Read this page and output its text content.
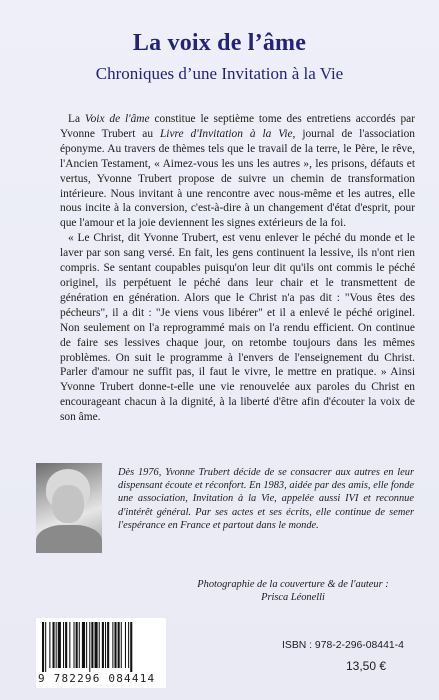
La voix de l’âme
Chroniques d’une Invitation à la Vie

La Voix de l'âme constitue le septième tome des entretiens accordés par Yvonne Trubert au Livre d'Invitation à la Vie, journal de l'association éponyme. Au travers de thèmes tels que le travail de la terre, le Père, le rêve, l'Ancien Testament, « Aimez-vous les uns les autres », les prisons, défauts et vertus, Yvonne Trubert propose de suivre un chemin de transformation intérieure. Nous invitant à une rencontre avec nous-même et les autres, elle nous incite à la conversion, c'est-à-dire à un changement d'état d'esprit, pour que l'amour et la joie deviennent les signes extérieurs de la foi.

« Le Christ, dit Yvonne Trubert, est venu enlever le péché du monde et le laver par son sang versé. En fait, les gens continuent la lessive, ils n'ont rien compris. Se sentant coupables puisqu'on leur dit qu'ils ont commis le péché originel, ils perpétuent le péché dans leur chair et le transmettent de génération en génération. Alors que le Christ n'a pas dit : "Vous êtes des pécheurs", il a dit : "Je viens vous libérer" et il a enlevé le péché originel. Non seulement on l'a reprogrammé mais on l'a rendu efficient. On continue de faire ses lessives chaque jour, on retombe toujours dans les mêmes problèmes. On suit le programme à l'envers de l'enseignement du Christ. Parler d'amour ne suffit pas, il faut le vivre, le mettre en pratique. » Ainsi Yvonne Trubert donne-t-elle une vie renouvelée aux paroles du Christ en encourageant chacun à la dignité, à la liberté d'être afin d'écouter la voix de son âme.

Dès 1976, Yvonne Trubert décide de se consacrer aux autres en leur dispensant écoute et réconfort. En 1983, aidée par des amis, elle fonde une association, Invitation à la Vie, appelée aussi IVI et reconnue d'intérêt général. Par ses actes et ses écrits, elle continue de semer l'espérance en France et partout dans le monde.
Photographie de la couverture & de l'auteur :
Prisca Léonelli
9 782296 084414
ISBN : 978-2-296-08441-4
13,50 €
